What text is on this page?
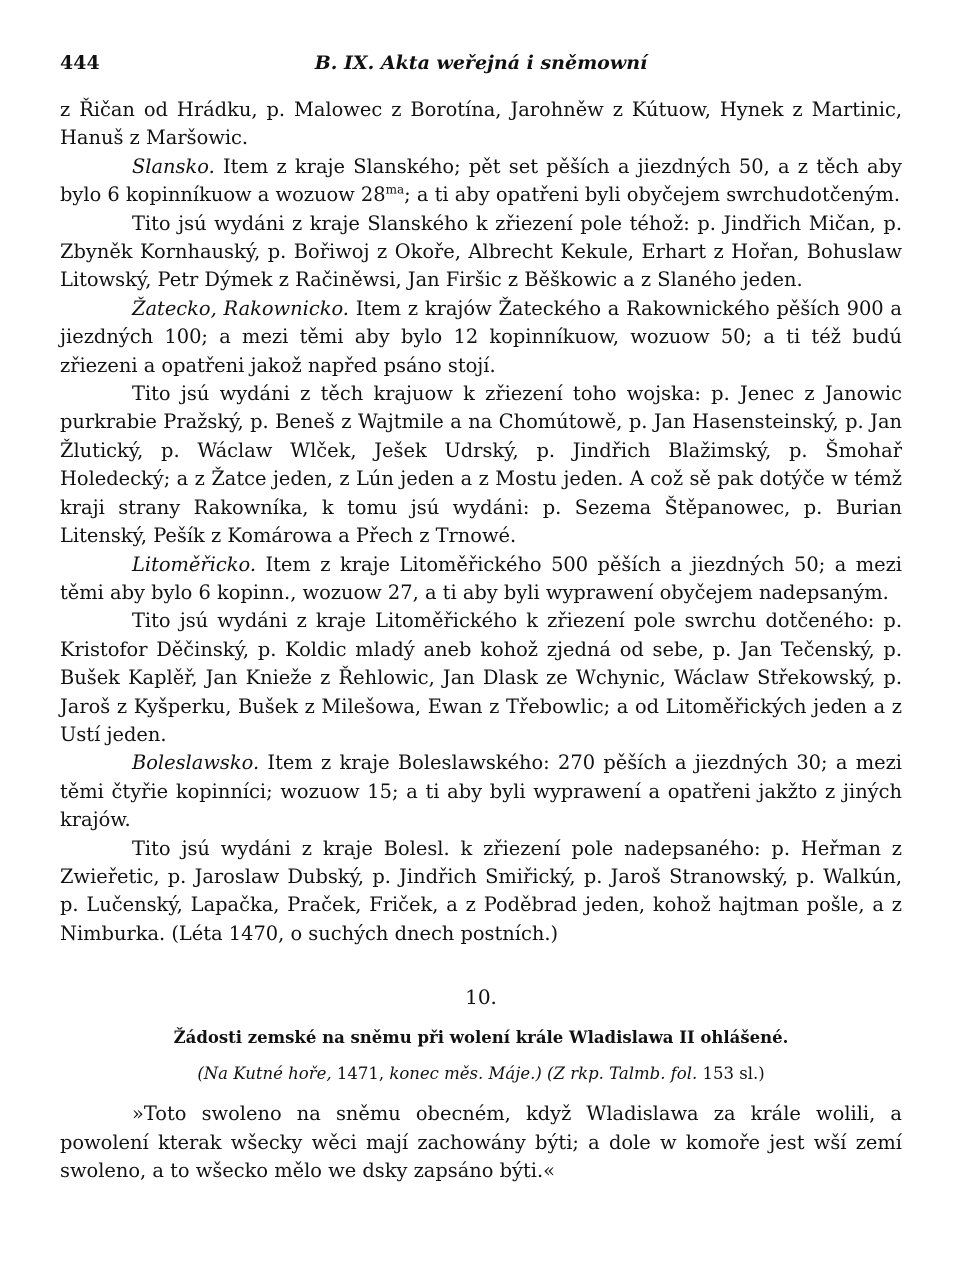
444	B. IX. Akta weřejná i sněmowní

z Řičan od Hrádku, p. Malowec z Borotína, Jarohněw z Kútuow, Hynek z Martinic, Hanuš z Maršowic.

Slansko. Item z kraje Slanského; pět set pěších a jiezdných 50, a z těch aby bylo 6 kopinníkuow a wozuow $28^{ma}$; a ti aby opatřeni byli obyčejem swrchudotčeným.

Tito jsú wydáni z kraje Slanského k zřiezení pole téhož: p. Jindřich Mičan, p. Zbyněk Kornhauský, p. Bořiwoj z Okoře, Albrecht Kekule, Erhart z Hořan, Bohuslaw Litowský, Petr Dýmek z Račiněwsi, Jan Firšic z Běškowic a z Slaného jeden.

Žatecko, Rakownicko. Item z krajów Žateckého a Rakownického pěších 900 a jiezdných 100; a mezi těmi aby bylo 12 kopinníkuow, wozuow 50; a ti též budú zřiezeni a opatřeni jakož napřed psáno stojí.

Tito jsú wydáni z těch krajuow k zřiezení toho wojska: p. Jenec z Janowic purkrabie Pražský, p. Beneš z Wajtmile a na Chomútowě, p. Jan Hasensteinský, p. Jan Žlutický, p. Wáclaw Wlček, Ješek Udrský, p. Jindřich Blažimský, p. Šmohař Holedecký; a z Žatce jeden, z Lún jeden a z Mostu jeden. A což sě pak dotýče w témž kraji strany Rakowníka, k tomu jsú wydáni: p. Sezema Štěpanowec, p. Burian Litenský, Pešík z Komárowa a Přech z Trnowé.

Litoměřicko. Item z kraje Litoměřického 500 pěších a jiezdných 50; a mezi těmi aby bylo 6 kopinn., wozuow 27, a ti aby byli wyprawení obyčejem nadepsaným.

Tito jsú wydáni z kraje Litoměřického k zřiezení pole swrchu dotčeného: p. Kristofor Děčinský, p. Koldic mladý aneb kohož zjedná od sebe, p. Jan Tečenský, p. Bušek Kaplěř, Jan Knieže z Řehlowic, Jan Dlask ze Wchynic, Wáclaw Střekowský, p. Jaroš z Kyšperku, Bušek z Milešowa, Ewan z Třebowlic; a od Litoměřických jeden a z Ustí jeden.

Boleslawsko. Item z kraje Boleslawského: 270 pěších a jiezdných 30; a mezi těmi čtyřie kopinníci; wozuow 15; a ti aby byli wyprawení a opatřeni jakžto z jiných krajów.

Tito jsú wydáni z kraje Bolesl. k zřiezení pole nadepsaného: p. Heřman z Zwieřetic, p. Jaroslaw Dubský, p. Jindřich Smiřický, p. Jaroš Stranowský, p. Walkún, p. Lučenský, Lapačka, Praček, Friček, a z Poděbrad jeden, kohož hajtman pošle, a z Nimburka. (Léta 1470, o suchých dnech postních.)

10.
Žádosti zemské na sněmu při wolení krále Wladislawa II ohlášené.
(Na Kutné hoře, 1471, konec měs. Máje.) (Z rkp. Talmb. fol. 153 sl.)

»Toto swoleno na sněmu obecném, když Wladislawa za krále wolili, a powolení kterak wšecky wěci mají zachowány býti; a dole w komoře jest wší zemí swoleno, a to wšecko mělo we dsky zapsáno býti.«
